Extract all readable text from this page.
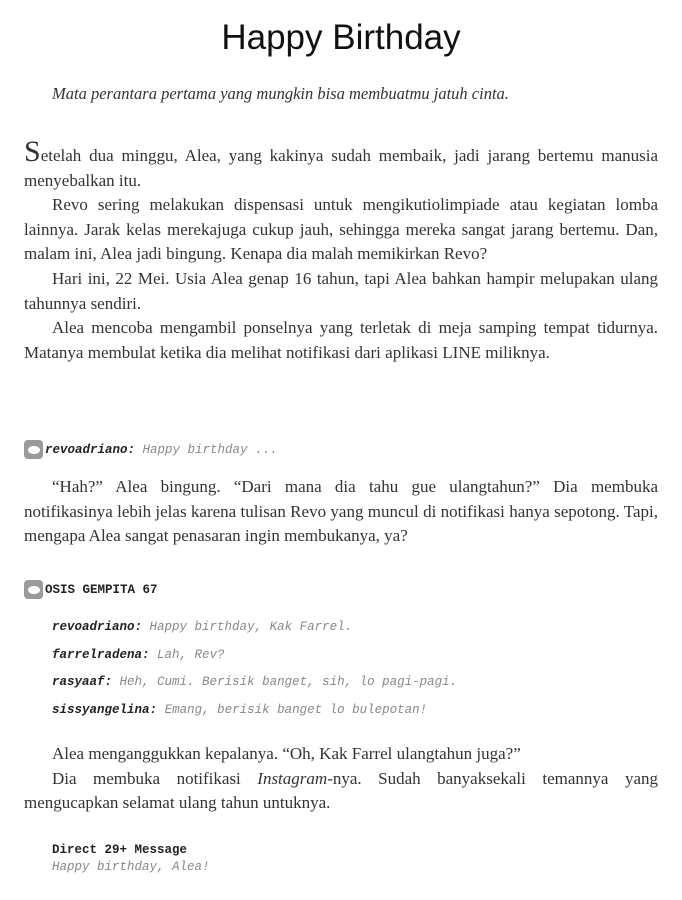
Happy Birthday
Mata perantara pertama yang mungkin bisa membuatmu jatuh cinta.

Setelah dua minggu, Alea, yang kakinya sudah membaik, jadi jarang bertemu manusia menyebalkan itu.

Revo sering melakukan dispensasi untuk mengikutiolimpiade atau kegiatan lomba lainnya. Jarak kelas merekajuga cukup jauh, sehingga mereka sangat jarang bertemu. Dan, malam ini, Alea jadi bingung. Kenapa dia malah memikirkan Revo?

Hari ini, 22 Mei. Usia Alea genap 16 tahun, tapi Alea bahkan hampir melupakan ulang tahunnya sendiri.

Alea mencoba mengambil ponselnya yang terletak di meja samping tempat tidurnya. Matanya membulat ketika dia melihat notifikasi dari aplikasi LINE miliknya.

revoadriano :
Happy birthday ...

“Hah?” Alea bingung. “Dari mana dia tahu gue ulangtahun?” Dia membuka notifikasinya lebih jelas karena tulisan Revo yang muncul di notifikasi hanya sepotong. Tapi, mengapa Alea sangat penasaran ingin membukanya, ya?

OSIS GEMPITA 67
revoadriano: Happy birthday, Kak Farrel.
farrelradena: Lah, Rev?
rasyaaf: Heh, Cumi. Berisik banget, sih, lo pagi-pagi.
sissyangelina: Emang, berisik banget lo bulepotan!

Alea menganggukkan kepalanya. “Oh, Kak Farrel ulangtahun juga?”

Dia membuka notifikasi Instagram-nya. Sudah banyaksekali temannya yang mengucapkan selamat ulang tahun untuknya.

Direct 29+ Message
Happy birthday, Alea!
